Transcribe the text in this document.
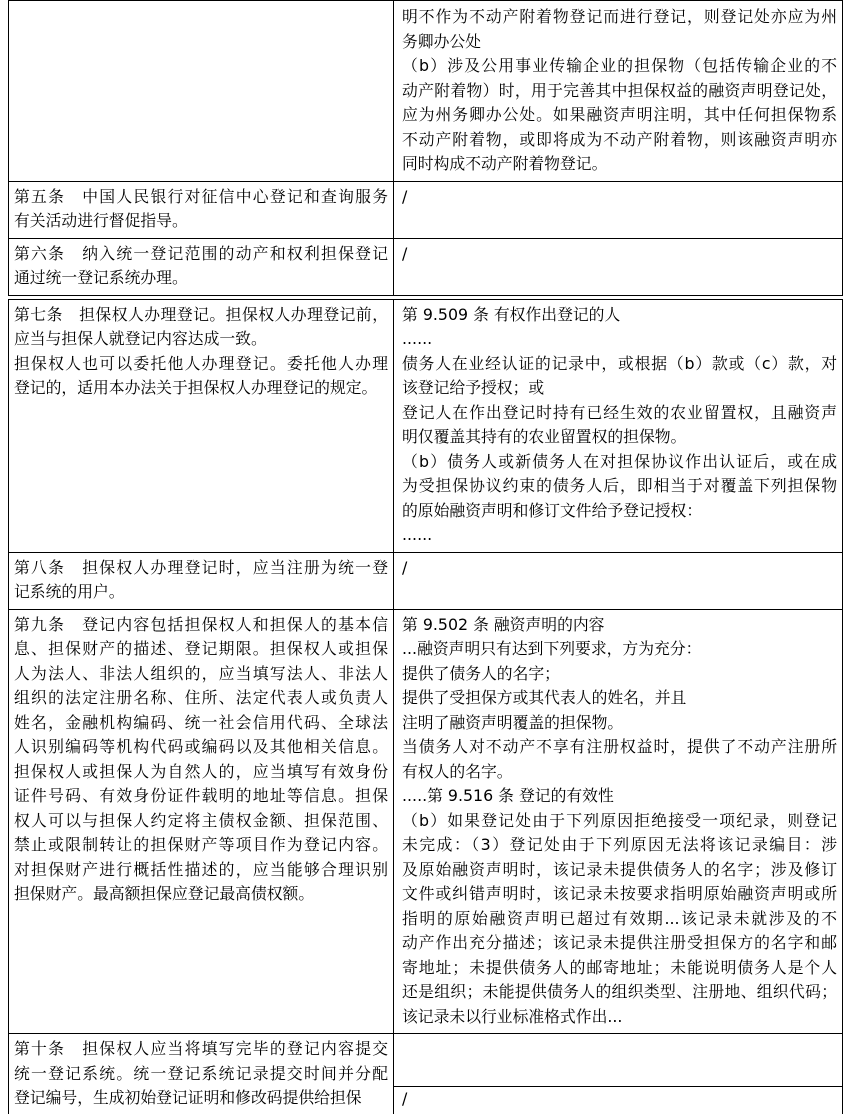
明不作为不动产附着物登记而进行登记，则登记处亦应为州
务卿办公处
（b）涉及公用事业传输企业的担保物（包括传输企业的不
动产附着物）时，用于完善其中担保权益的融资声明登记处，
应为州务卿办公处。如果融资声明注明，其中任何担保物系
不动产附着物，或即将成为不动产附着物，则该融资声明亦
同时构成不动产附着物登记。
第五条　中国人民银行对征信中心登记和查询服务
有关活动进行督促指导。
/
第六条　纳入统一登记范围的动产和权利担保登记
通过统一登记系统办理。
/
第七条　担保权人办理登记。担保权人办理登记前，
应当与担保人就登记内容达成一致。
担保权人也可以委托他人办理登记。委托他人办理
登记的，适用本办法关于担保权人办理登记的规定。
第 9.509 条 有权作出登记的人
......
债务人在业经认证的记录中，或根据（b）款或（c）款，对
该登记给予授权；或
登记人在作出登记时持有已经生效的农业留置权，且融资声
明仅覆盖其持有的农业留置权的担保物。
（b）债务人或新债务人在对担保协议作出认证后，或在成
为受担保协议约束的债务人后，即相当于对覆盖下列担保物
的原始融资声明和修订文件给予登记授权：
......
第八条　担保权人办理登记时，应当注册为统一登
记系统的用户。
/
第九条　登记内容包括担保权人和担保人的基本信
息、担保财产的描述、登记期限。担保权人或担保
人为法人、非法人组织的，应当填写法人、非法人
组织的法定注册名称、住所、法定代表人或负责人
姓名，金融机构编码、统一社会信用代码、全球法
人识别编码等机构代码或编码以及其他相关信息。
担保权人或担保人为自然人的，应当填写有效身份
证件号码、有效身份证件载明的地址等信息。担保
权人可以与担保人约定将主债权金额、担保范围、
禁止或限制转让的担保财产等项目作为登记内容。
对担保财产进行概括性描述的，应当能够合理识别
担保财产。最高额担保应登记最高债权额。
第 9.502 条 融资声明的内容
...融资声明只有达到下列要求，方为充分：
提供了债务人的名字；
提供了受担保方或其代表人的姓名，并且
注明了融资声明覆盖的担保物。
当债务人对不动产不享有注册权益时，提供了不动产注册所
有权人的名字。
.....第 9.516 条 登记的有效性
（b）如果登记处由于下列原因拒绝接受一项纪录，则登记
未完成：（3）登记处由于下列原因无法将该记录编目：涉
及原始融资声明时，该记录未提供债务人的名字；涉及修订
文件或纠错声明时，该记录未按要求指明原始融资声明或所
指明的原始融资声明已超过有效期...该记录未就涉及的不
动产作出充分描述；该记录未提供注册受担保方的名字和邮
寄地址；未提供债务人的邮寄地址；未能说明债务人是个人
还是组织；未能提供债务人的组织类型、注册地、组织代码；
该记录未以行业标准格式作出...
第十条　担保权人应当将填写完毕的登记内容提交
统一登记系统。统一登记系统记录提交时间并分配
登记编号，生成初始登记证明和修改码提供给担保	/
